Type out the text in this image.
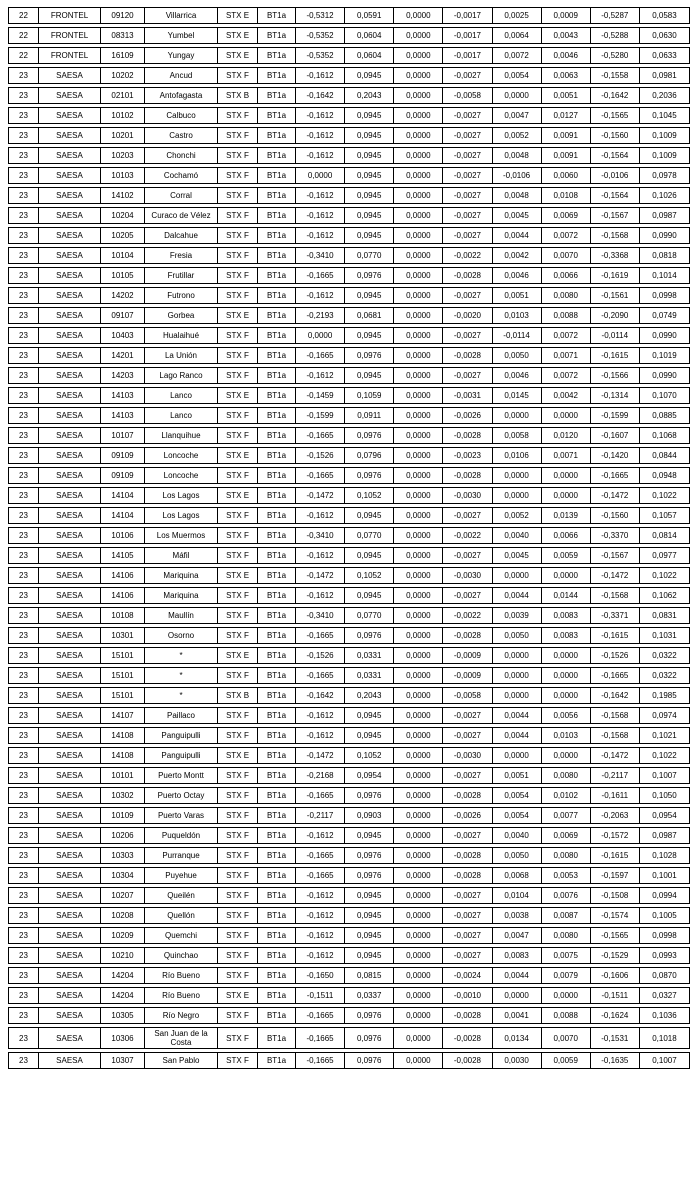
22	FRONTEL	09120	Villarrica	STX E	BT1a	-0,5312	0,0591	0,0000	-0,0017	0,0025	0,0009	-0,5287	0,0583
22	FRONTEL	08313	Yumbel	STX E	BT1a	-0,5352	0,0604	0,0000	-0,0017	0,0064	0,0043	-0,5288	0,0630
22	FRONTEL	16109	Yungay	STX E	BT1a	-0,5352	0,0604	0,0000	-0,0017	0,0072	0,0046	-0,5280	0,0633
23	SAESA	10202	Ancud	STX F	BT1a	-0,1612	0,0945	0,0000	-0,0027	0,0054	0,0063	-0,1558	0,0981
23	SAESA	02101	Antofagasta	STX B	BT1a	-0,1642	0,2043	0,0000	-0,0058	0,0000	0,0051	-0,1642	0,2036
23	SAESA	10102	Calbuco	STX F	BT1a	-0,1612	0,0945	0,0000	-0,0027	0,0047	0,0127	-0,1565	0,1045
23	SAESA	10201	Castro	STX F	BT1a	-0,1612	0,0945	0,0000	-0,0027	0,0052	0,0091	-0,1560	0,1009
23	SAESA	10203	Chonchi	STX F	BT1a	-0,1612	0,0945	0,0000	-0,0027	0,0048	0,0091	-0,1564	0,1009
23	SAESA	10103	Cochamó	STX F	BT1a	0,0000	0,0945	0,0000	-0,0027	-0,0106	0,0060	-0,0106	0,0978
23	SAESA	14102	Corral	STX F	BT1a	-0,1612	0,0945	0,0000	-0,0027	0,0048	0,0108	-0,1564	0,1026
23	SAESA	10204	Curaco de Vélez	STX F	BT1a	-0,1612	0,0945	0,0000	-0,0027	0,0045	0,0069	-0,1567	0,0987
23	SAESA	10205	Dalcahue	STX F	BT1a	-0,1612	0,0945	0,0000	-0,0027	0,0044	0,0072	-0,1568	0,0990
23	SAESA	10104	Fresia	STX F	BT1a	-0,3410	0,0770	0,0000	-0,0022	0,0042	0,0070	-0,3368	0,0818
23	SAESA	10105	Frutillar	STX F	BT1a	-0,1665	0,0976	0,0000	-0,0028	0,0046	0,0066	-0,1619	0,1014
23	SAESA	14202	Futrono	STX F	BT1a	-0,1612	0,0945	0,0000	-0,0027	0,0051	0,0080	-0,1561	0,0998
23	SAESA	09107	Gorbea	STX E	BT1a	-0,2193	0,0681	0,0000	-0,0020	0,0103	0,0088	-0,2090	0,0749
23	SAESA	10403	Hualaihué	STX F	BT1a	0,0000	0,0945	0,0000	-0,0027	-0,0114	0,0072	-0,0114	0,0990
23	SAESA	14201	La Unión	STX F	BT1a	-0,1665	0,0976	0,0000	-0,0028	0,0050	0,0071	-0,1615	0,1019
23	SAESA	14203	Lago Ranco	STX F	BT1a	-0,1612	0,0945	0,0000	-0,0027	0,0046	0,0072	-0,1566	0,0990
23	SAESA	14103	Lanco	STX E	BT1a	-0,1459	0,1059	0,0000	-0,0031	0,0145	0,0042	-0,1314	0,1070
23	SAESA	14103	Lanco	STX F	BT1a	-0,1599	0,0911	0,0000	-0,0026	0,0000	0,0000	-0,1599	0,0885
23	SAESA	10107	Llanquihue	STX F	BT1a	-0,1665	0,0976	0,0000	-0,0028	0,0058	0,0120	-0,1607	0,1068
23	SAESA	09109	Loncoche	STX E	BT1a	-0,1526	0,0796	0,0000	-0,0023	0,0106	0,0071	-0,1420	0,0844
23	SAESA	09109	Loncoche	STX F	BT1a	-0,1665	0,0976	0,0000	-0,0028	0,0000	0,0000	-0,1665	0,0948
23	SAESA	14104	Los Lagos	STX E	BT1a	-0,1472	0,1052	0,0000	-0,0030	0,0000	0,0000	-0,1472	0,1022
23	SAESA	14104	Los Lagos	STX F	BT1a	-0,1612	0,0945	0,0000	-0,0027	0,0052	0,0139	-0,1560	0,1057
23	SAESA	10106	Los Muermos	STX F	BT1a	-0,3410	0,0770	0,0000	-0,0022	0,0040	0,0066	-0,3370	0,0814
23	SAESA	14105	Máfil	STX F	BT1a	-0,1612	0,0945	0,0000	-0,0027	0,0045	0,0059	-0,1567	0,0977
23	SAESA	14106	Mariquina	STX E	BT1a	-0,1472	0,1052	0,0000	-0,0030	0,0000	0,0000	-0,1472	0,1022
23	SAESA	14106	Mariquina	STX F	BT1a	-0,1612	0,0945	0,0000	-0,0027	0,0044	0,0144	-0,1568	0,1062
23	SAESA	10108	Maullín	STX F	BT1a	-0,3410	0,0770	0,0000	-0,0022	0,0039	0,0083	-0,3371	0,0831
23	SAESA	10301	Osorno	STX F	BT1a	-0,1665	0,0976	0,0000	-0,0028	0,0050	0,0083	-0,1615	0,1031
23	SAESA	15101	*	STX E	BT1a	-0,1526	0,0331	0,0000	-0,0009	0,0000	0,0000	-0,1526	0,0322
23	SAESA	15101	*	STX F	BT1a	-0,1665	0,0331	0,0000	-0,0009	0,0000	0,0000	-0,1665	0,0322
23	SAESA	15101	*	STX B	BT1a	-0,1642	0,2043	0,0000	-0,0058	0,0000	0,0000	-0,1642	0,1985
23	SAESA	14107	Paillaco	STX F	BT1a	-0,1612	0,0945	0,0000	-0,0027	0,0044	0,0056	-0,1568	0,0974
23	SAESA	14108	Panguipulli	STX F	BT1a	-0,1612	0,0945	0,0000	-0,0027	0,0044	0,0103	-0,1568	0,1021
23	SAESA	14108	Panguipulli	STX E	BT1a	-0,1472	0,1052	0,0000	-0,0030	0,0000	0,0000	-0,1472	0,1022
23	SAESA	10101	Puerto Montt	STX F	BT1a	-0,2168	0,0954	0,0000	-0,0027	0,0051	0,0080	-0,2117	0,1007
23	SAESA	10302	Puerto Octay	STX F	BT1a	-0,1665	0,0976	0,0000	-0,0028	0,0054	0,0102	-0,1611	0,1050
23	SAESA	10109	Puerto Varas	STX F	BT1a	-0,2117	0,0903	0,0000	-0,0026	0,0054	0,0077	-0,2063	0,0954
23	SAESA	10206	Puqueldón	STX F	BT1a	-0,1612	0,0945	0,0000	-0,0027	0,0040	0,0069	-0,1572	0,0987
23	SAESA	10303	Purranque	STX F	BT1a	-0,1665	0,0976	0,0000	-0,0028	0,0050	0,0080	-0,1615	0,1028
23	SAESA	10304	Puyehue	STX F	BT1a	-0,1665	0,0976	0,0000	-0,0028	0,0068	0,0053	-0,1597	0,1001
23	SAESA	10207	Queilén	STX F	BT1a	-0,1612	0,0945	0,0000	-0,0027	0,0104	0,0076	-0,1508	0,0994
23	SAESA	10208	Quellón	STX F	BT1a	-0,1612	0,0945	0,0000	-0,0027	0,0038	0,0087	-0,1574	0,1005
23	SAESA	10209	Quemchi	STX F	BT1a	-0,1612	0,0945	0,0000	-0,0027	0,0047	0,0080	-0,1565	0,0998
23	SAESA	10210	Quinchao	STX F	BT1a	-0,1612	0,0945	0,0000	-0,0027	0,0083	0,0075	-0,1529	0,0993
23	SAESA	14204	Río Bueno	STX F	BT1a	-0,1650	0,0815	0,0000	-0,0024	0,0044	0,0079	-0,1606	0,0870
23	SAESA	14204	Río Bueno	STX E	BT1a	-0,1511	0,0337	0,0000	-0,0010	0,0000	0,0000	-0,1511	0,0327
23	SAESA	10305	Río Negro	STX F	BT1a	-0,1665	0,0976	0,0000	-0,0028	0,0041	0,0088	-0,1624	0,1036
23	SAESA	10306	San Juan de la Costa	STX F	BT1a	-0,1665	0,0976	0,0000	-0,0028	0,0134	0,0070	-0,1531	0,1018
23	SAESA	10307	San Pablo	STX F	BT1a	-0,1665	0,0976	0,0000	-0,0028	0,0030	0,0059	-0,1635	0,1007
